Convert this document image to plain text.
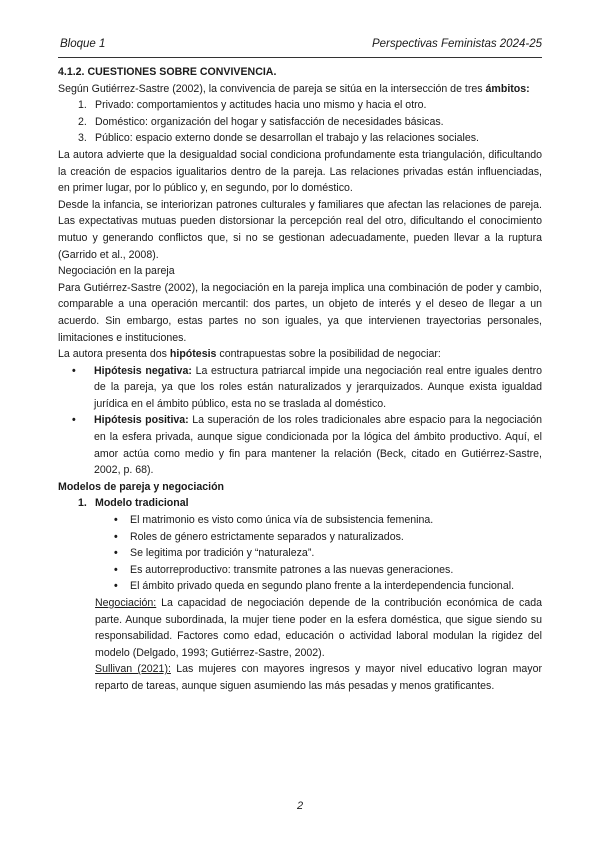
Bloque 1	Perspectivas Feministas 2024-25

4.1.2. CUESTIONES SOBRE CONVIVENCIA.

Según Gutiérrez-Sastre (2002), la convivencia de pareja se sitúa en la intersección de tres ámbitos:

1. Privado: comportamientos y actitudes hacia uno mismo y hacia el otro.
2. Doméstico: organización del hogar y satisfacción de necesidades básicas.
3. Público: espacio externo donde se desarrollan el trabajo y las relaciones sociales.

La autora advierte que la desigualdad social condiciona profundamente esta triangulación, dificultando la creación de espacios igualitarios dentro de la pareja. Las relaciones privadas están influenciadas, en primer lugar, por lo público y, en segundo, por lo doméstico.

Desde la infancia, se interiorizan patrones culturales y familiares que afectan las relaciones de pareja. Las expectativas mutuas pueden distorsionar la percepción real del otro, dificultando el conocimiento mutuo y generando conflictos que, si no se gestionan adecuadamente, pueden llevar a la ruptura (Garrido et al., 2008).

Negociación en la pareja

Para Gutiérrez-Sastre (2002), la negociación en la pareja implica una combinación de poder y cambio, comparable a una operación mercantil: dos partes, un objeto de interés y el deseo de llegar a un acuerdo. Sin embargo, estas partes no son iguales, ya que intervienen trayectorias personales, limitaciones e instituciones.

La autora presenta dos hipótesis contrapuestas sobre la posibilidad de negociar:

• Hipótesis negativa: La estructura patriarcal impide una negociación real entre iguales dentro de la pareja, ya que los roles están naturalizados y jerarquizados. Aunque exista igualdad jurídica en el ámbito público, esta no se traslada al doméstico.
• Hipótesis positiva: La superación de los roles tradicionales abre espacio para la negociación en la esfera privada, aunque sigue condicionada por la lógica del ámbito productivo. Aquí, el amor actúa como medio y fin para mantener la relación (Beck, citado en Gutiérrez-Sastre, 2002, p. 68).

Modelos de pareja y negociación

1. Modelo tradicional
• El matrimonio es visto como única vía de subsistencia femenina.
• Roles de género estrictamente separados y naturalizados.
• Se legitima por tradición y “naturaleza”.
• Es autorreproductivo: transmite patrones a las nuevas generaciones.
• El ámbito privado queda en segundo plano frente a la interdependencia funcional.

Negociación: La capacidad de negociación depende de la contribución económica de cada parte. Aunque subordinada, la mujer tiene poder en la esfera doméstica, que sigue siendo su responsabilidad. Factores como edad, educación o actividad laboral modulan la rigidez del modelo (Delgado, 1993; Gutiérrez-Sastre, 2002).

Sullivan (2021): Las mujeres con mayores ingresos y mayor nivel educativo logran mayor reparto de tareas, aunque siguen asumiendo las más pesadas y menos gratificantes.

2
